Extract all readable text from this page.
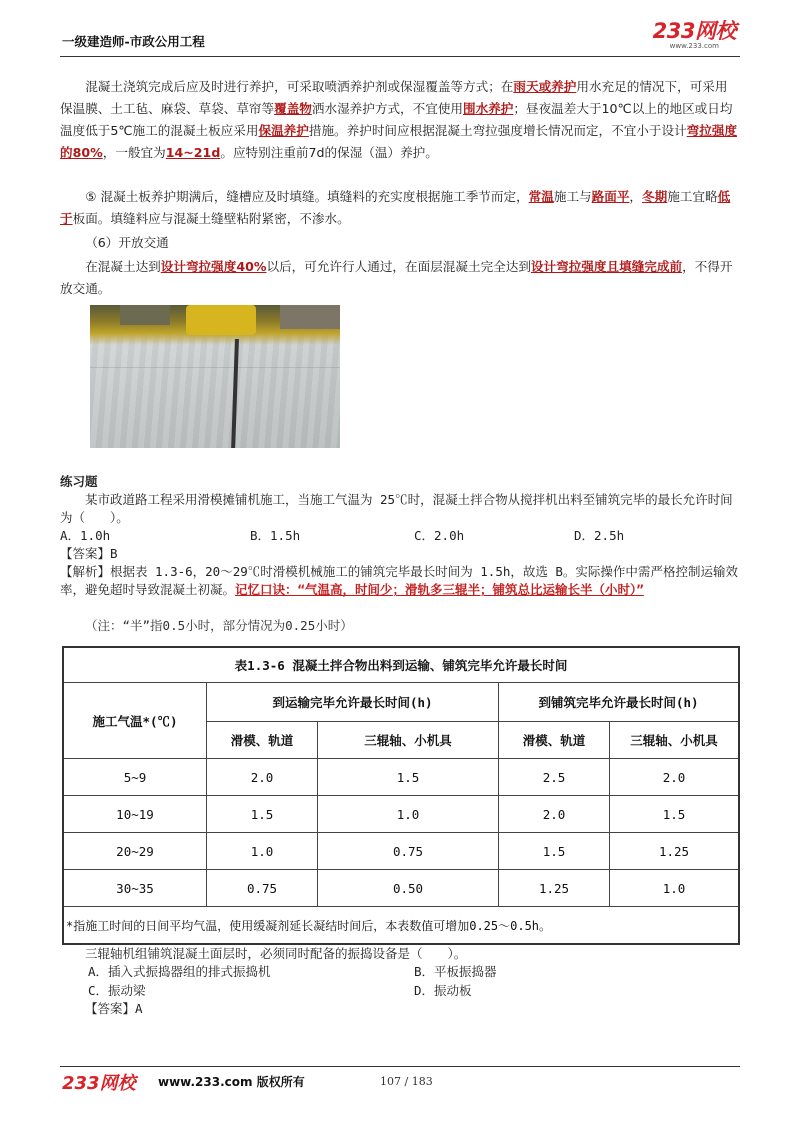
一级建造师-市政公用工程	233网校
www.233.com
混凝土浇筑完成后应及时进行养护，可采取喷洒养护剂或保湿覆盖等方式；在雨天或养护用水充足的情况下，可采用保温膜、土工毡、麻袋、草袋、草帘等覆盖物洒水湿养护方式，不宜使用围水养护；昼夜温差大于10℃以上的地区或日均温度低于5℃施工的混凝土板应采用保温养护措施。养护时间应根据混凝土弯拉强度增长情况而定，不宜小于设计弯拉强度的80%，一般宜为14~21d。应特别注重前7d的保湿（温）养护。
⑤ 混凝土板养护期满后，缝槽应及时填缝。填缝料的充实度根据施工季节而定，常温施工与路面平，冬期施工宜略低于板面。填缝料应与混凝土缝壁粘附紧密，不渗水。
（6）开放交通
在混凝土达到设计弯拉强度40%以后，可允许行人通过，在面层混凝土完全达到设计弯拉强度且填缝完成前，不得开放交通。
练习题
某市政道路工程采用滑模摊铺机施工，当施工气温为 25℃时，混凝土拌合物从搅拌机出料至铺筑完毕的最长允许时间为（　　）。
A．1.0h	B．1.5h	C．2.0h	D．2.5h
【答案】B
【解析】根据表 1.3-6，20～29℃时滑模机械施工的铺筑完毕最长时间为 1.5h，故选 B。实际操作中需严格控制运输效率，避免超时导致混凝土初凝。记忆口诀：“气温高，时间少；滑轨多三辊半；铺筑总比运输长半（小时）”
（注：“半”指0.5小时，部分情况为0.25小时）
表1.3-6 混凝土拌合物出料到运输、铺筑完毕允许最长时间				
施工气温*(℃)	到运输完毕允许最长时间(h)		到铺筑完毕允许最长时间(h)	
	滑模、轨道	三辊轴、小机具	滑模、轨道	三辊轴、小机具
5~9	2.0	1.5	2.5	2.0
10~19	1.5	1.0	2.0	1.5
20~29	1.0	0.75	1.5	1.25
30~35	0.75	0.50	1.25	1.0
*指施工时间的日间平均气温，使用缓凝剂延长凝结时间后，本表数值可增加0.25～0.5h。				
三辊轴机组铺筑混凝土面层时，必须同时配备的振捣设备是（　　）。
A．插入式振捣器组的排式振捣机	B．平板振捣器
C．振动梁	D．振动板
【答案】A
233网校 www.233.com 版权所有	107 / 183
